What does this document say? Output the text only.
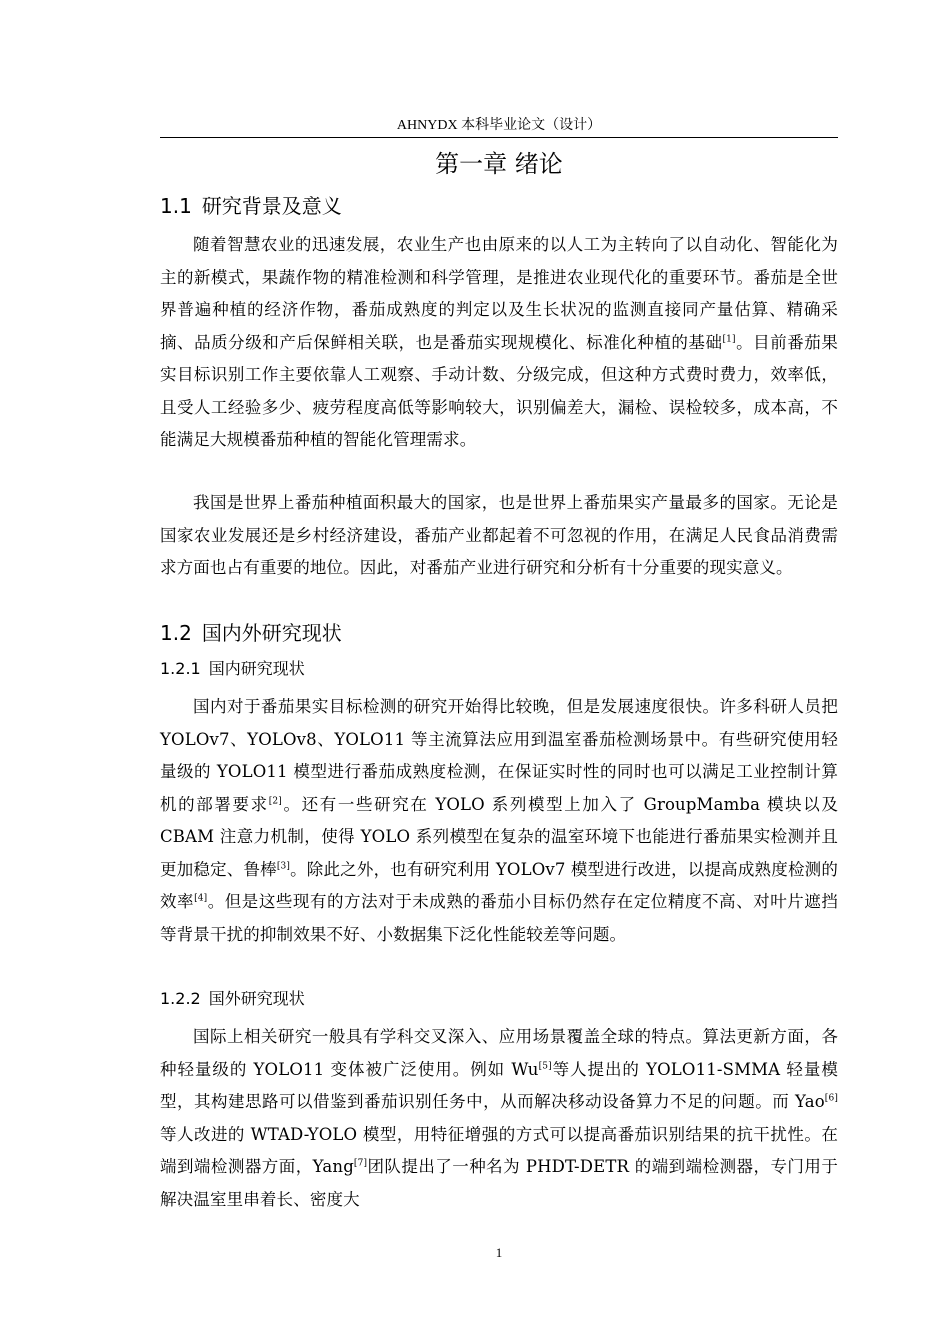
AHNYDX 本科毕业论文（设计）
第一章 绪论
1.1 研究背景及意义

随着智慧农业的迅速发展，农业生产也由原来的以人工为主转向了以自动化、智能化为主的新模式，果蔬作物的精准检测和科学管理，是推进农业现代化的重要环节。番茄是全世界普遍种植的经济作物，番茄成熟度的判定以及生长状况的监测直接同产量估算、精确采摘、品质分级和产后保鲜相关联，也是番茄实现规模化、标准化种植的基础[1]。目前番茄果实目标识别工作主要依靠人工观察、手动计数、分级完成，但这种方式费时费力，效率低，且受人工经验多少、疲劳程度高低等影响较大，识别偏差大，漏检、误检较多，成本高，不能满足大规模番茄种植的智能化管理需求。

我国是世界上番茄种植面积最大的国家，也是世界上番茄果实产量最多的国家。无论是国家农业发展还是乡村经济建设，番茄产业都起着不可忽视的作用，在满足人民食品消费需求方面也占有重要的地位。因此，对番茄产业进行研究和分析有十分重要的现实意义。

1.2 国内外研究现状
1.2.1 国内研究现状

国内对于番茄果实目标检测的研究开始得比较晚，但是发展速度很快。许多科研人员把 YOLOv7、YOLOv8、YOLO11 等主流算法应用到温室番茄检测场景中。有些研究使用轻量级的 YOLO11 模型进行番茄成熟度检测，在保证实时性的同时也可以满足工业控制计算机的部署要求[2]。还有一些研究在 YOLO 系列模型上加入了 GroupMamba 模块以及 CBAM 注意力机制，使得 YOLO 系列模型在复杂的温室环境下也能进行番茄果实检测并且更加稳定、鲁棒[3]。除此之外，也有研究利用 YOLOv7 模型进行改进，以提高成熟度检测的效率[4]。但是这些现有的方法对于未成熟的番茄小目标仍然存在定位精度不高、对叶片遮挡等背景干扰的抑制效果不好、小数据集下泛化性能较差等问题。

1.2.2 国外研究现状

国际上相关研究一般具有学科交叉深入、应用场景覆盖全球的特点。算法更新方面，各种轻量级的 YOLO11 变体被广泛使用。例如 Wu[5]等人提出的 YOLO11-SMMA 轻量模型，其构建思路可以借鉴到番茄识别任务中，从而解决移动设备算力不足的问题。而 Yao[6]等人改进的 WTAD-YOLO 模型，用特征增强的方式可以提高番茄识别结果的抗干扰性。在端到端检测器方面，Yang[7]团队提出了一种名为 PHDT-DETR 的端到端检测器，专门用于解决温室里串着长、密度大

1
